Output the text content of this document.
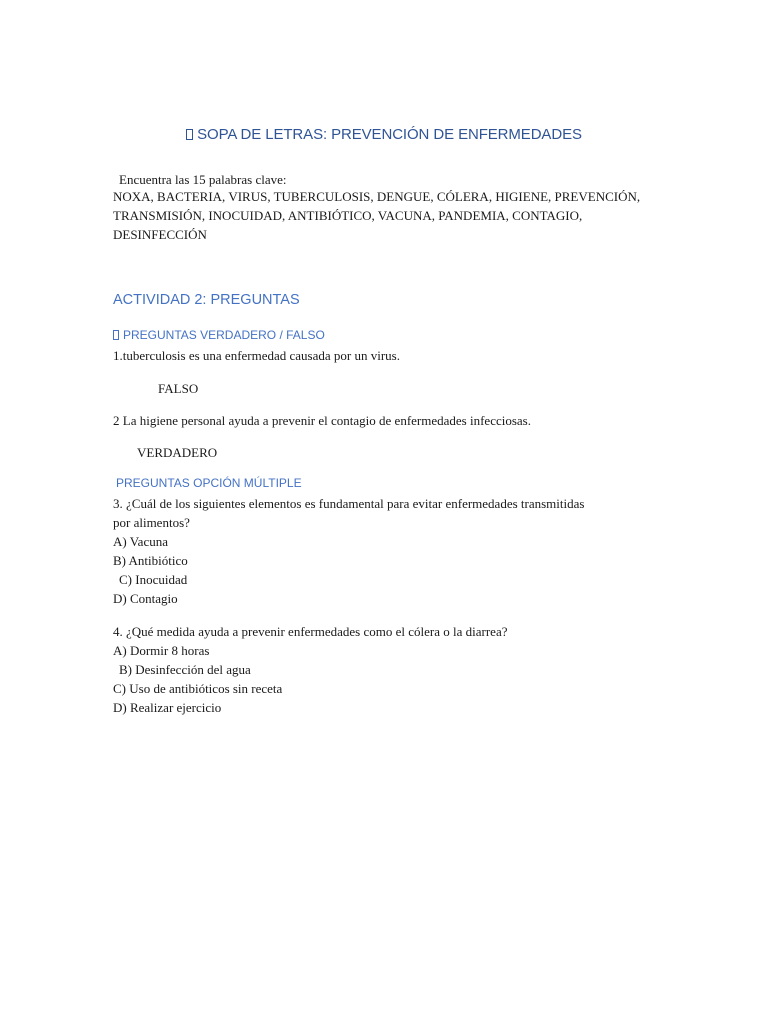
SOPA DE LETRAS: PREVENCIÓN DE ENFERMEDADES
Encuentra las 15 palabras clave:

NOXA, BACTERIA, VIRUS, TUBERCULOSIS, DENGUE, CÓLERA, HIGIENE, PREVENCIÓN,

TRANSMISIÓN, INOCUIDAD, ANTIBIÓTICO, VACUNA, PANDEMIA, CONTAGIO,

DESINFECCIÓN

ACTIVIDAD 2: PREGUNTAS
PREGUNTAS VERDADERO / FALSO
1.tuberculosis es una enfermedad causada por un virus.
FALSO
2 La higiene personal ayuda a prevenir el contagio de enfermedades infecciosas.
VERDADERO
PREGUNTAS OPCIÓN MÚLTIPLE

3. ¿Cuál de los siguientes elementos es fundamental para evitar enfermedades transmitidas

por alimentos?

A) Vacuna

B) Antibiótico

C) Inocuidad

D) Contagio

4. ¿Qué medida ayuda a prevenir enfermedades como el cólera o la diarrea?

A) Dormir 8 horas

B) Desinfección del agua

C) Uso de antibióticos sin receta

D) Realizar ejercicio
